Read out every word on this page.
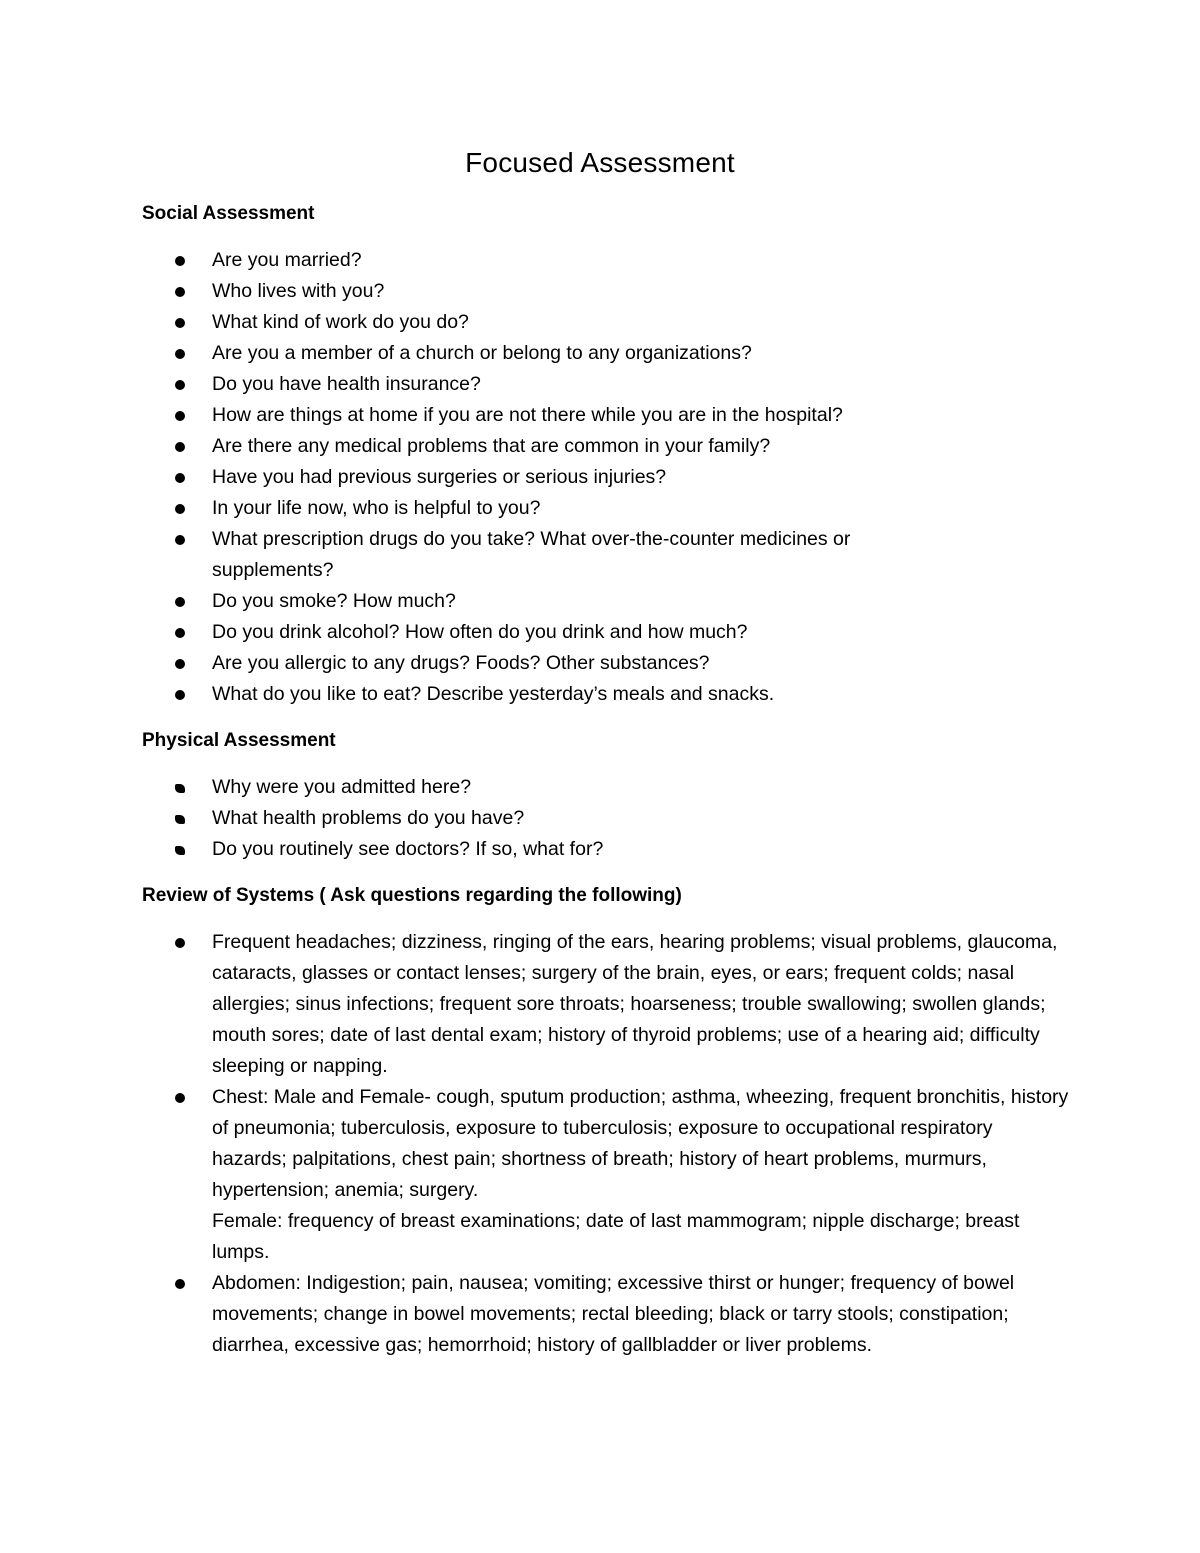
Focused Assessment
Social Assessment
Are you married?
Who lives with you?
What kind of work do you do?
Are you a member of a church or belong to any organizations?
Do you have health insurance?
How are things at home if you are not there while you are in the hospital?
Are there any medical problems that are common in your family?
Have you had previous surgeries or serious injuries?
In your life now, who is helpful to you?
What prescription drugs do you take? What over-the-counter medicines or supplements?
Do you smoke? How much?
Do you drink alcohol? How often do you drink and how much?
Are you allergic to any drugs? Foods? Other substances?
What do you like to eat? Describe yesterday’s meals and snacks.
Physical Assessment
Why were you admitted here?
What health problems do you have?
Do you routinely see doctors? If so, what for?
Review of Systems ( Ask questions regarding the following)
Frequent headaches; dizziness, ringing of the ears, hearing problems; visual problems, glaucoma, cataracts, glasses or contact lenses; surgery of the brain, eyes, or ears; frequent colds; nasal allergies; sinus infections; frequent sore throats; hoarseness; trouble swallowing; swollen glands; mouth sores; date of last dental exam; history of thyroid problems; use of a hearing aid; difficulty sleeping or napping.
Chest: Male and Female- cough, sputum production; asthma, wheezing, frequent bronchitis, history of pneumonia; tuberculosis, exposure to tuberculosis; exposure to occupational respiratory hazards; palpitations, chest pain; shortness of breath; history of heart problems, murmurs, hypertension; anemia; surgery.
Female: frequency of breast examinations; date of last mammogram; nipple discharge; breast lumps.
Abdomen: Indigestion; pain, nausea; vomiting; excessive thirst or hunger; frequency of bowel movements; change in bowel movements; rectal bleeding; black or tarry stools; constipation; diarrhea, excessive gas; hemorrhoid; history of gallbladder or liver problems.
